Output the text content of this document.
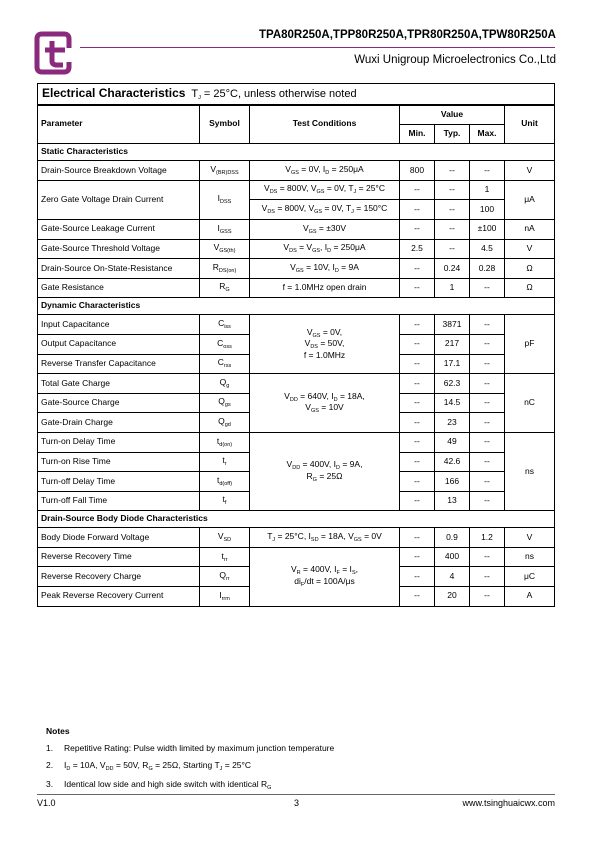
TPA80R250A,TPP80R250A,TPR80R250A,TPW80R250A
Wuxi Unigroup Microelectronics Co.,Ltd
Electrical Characteristics $T_J = 25^\circ C$, unless otherwise noted						
Parameter	Symbol	Test Conditions	Value			Unit
			Min.	Typ.	Max.	
Static Characteristics						
Drain-Source Breakdown Voltage	$V_{(BR)DSS}$	$V_{GS} = 0V$, $I_D = 250\mu A$	800	--	--	V
Zero Gate Voltage Drain Current	$I_{DSS}$	$V_{DS} = 800V$, $V_{GS} = 0V$, $T_J = 25^\circ C$	--	--	1	μA
		$V_{DS} = 800V$, $V_{GS} = 0V$, $T_J = 150^\circ C$	--	--	100	
Gate-Source Leakage Current	$I_{GSS}$	$V_{GS} = \pm 30V$	--	--	±100	nA
Gate-Source Threshold Voltage	$V_{GS(th)}$	$V_{DS} = V_{GS}$, $I_D = 250\mu A$	2.5	--	4.5	V
Drain-Source On-State-Resistance	$R_{DS(on)}$	$V_{GS} = 10V$, $I_D = 9A$	--	0.24	0.28	Ω
Gate Resistance	$R_G$	f = 1.0MHz open drain	--	1	--	Ω
Dynamic Characteristics						
Input Capacitance	$C_{iss}$	$V_{GS} = 0V$,
$V_{DS} = 50V$,
f = 1.0MHz	--	3871	--	pF
Output Capacitance	$C_{oss}$		--	217	--	
Reverse Transfer Capacitance	$C_{rss}$		--	17.1	--	
Total Gate Charge	$Q_g$	$V_{DD} = 640V$, $I_D = 18A$,
$V_{GS} = 10V$	--	62.3	--	nC
Gate-Source Charge	$Q_{gs}$		--	14.5	--	
Gate-Drain Charge	$Q_{gd}$		--	23	--	
Turn-on Delay Time	$t_{d(on)}$	$V_{DD} = 400V$, $I_D = 9A$,
$R_G = 25\Omega$	--	49	--	ns
Turn-on Rise Time	$t_r$		--	42.6	--	
Turn-off Delay Time	$t_{d(off)}$		--	166	--	
Turn-off Fall Time	$t_f$		--	13	--	
Drain-Source Body Diode Characteristics						
Body Diode Forward Voltage	$V_{SD}$	$T_J = 25^\circ C$, $I_{SD} = 18A$, $V_{GS} = 0V$	--	0.9	1.2	V
Reverse Recovery Time	$t_{rr}$	$V_R = 400V$, $I_F = I_S$,
$di_F/dt = 100A/\mu s$	--	400	--	ns
Reverse Recovery Charge	$Q_{rr}$		--	4	--	μC
Peak Reverse Recovery Current	$I_{rrm}$		--	20	--	A
Notes
1.	Repetitive Rating: Pulse width limited by maximum junction temperature
2.	$I_D = 10A$, $V_{DD} = 50V$, $R_G = 25\Omega$, Starting $T_J = 25^\circ C$
3.	Identical low side and high side switch with identical $R_G$
V1.0	3	www.tsinghuaicwx.com
